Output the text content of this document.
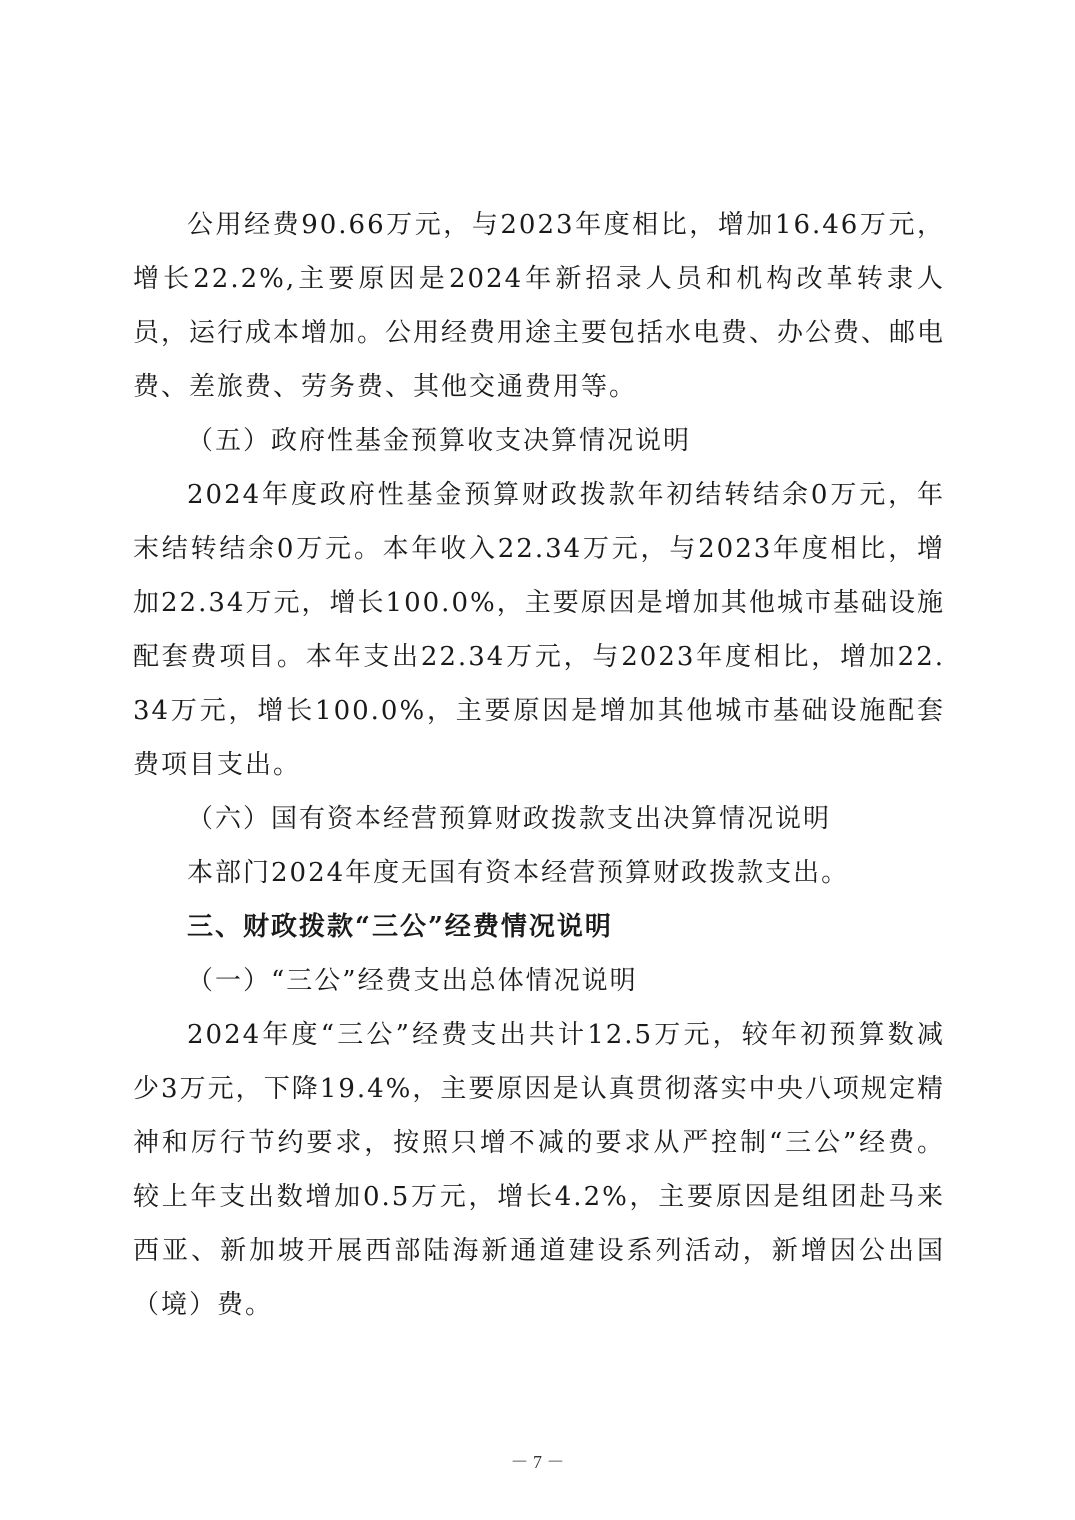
公用经费90.66万元，与2023年度相比，增加16.46万元，增长22.2%,主要原因是2024年新招录人员和机构改革转隶人员，运行成本增加。公用经费用途主要包括水电费、办公费、邮电费、差旅费、劳务费、其他交通费用等。

（五）政府性基金预算收支决算情况说明

2024年度政府性基金预算财政拨款年初结转结余0万元，年末结转结余0万元。本年收入22.34万元，与2023年度相比，增加22.34万元，增长100.0%，主要原因是增加其他城市基础设施配套费项目。本年支出22.34万元，与2023年度相比，增加22.34万元，增长100.0%，主要原因是增加其他城市基础设施配套费项目支出。

（六）国有资本经营预算财政拨款支出决算情况说明

本部门2024年度无国有资本经营预算财政拨款支出。

三、财政拨款“三公”经费情况说明

（一）“三公”经费支出总体情况说明

2024年度“三公”经费支出共计12.5万元，较年初预算数减少3万元，下降19.4%，主要原因是认真贯彻落实中央八项规定精神和厉行节约要求，按照只增不减的要求从严控制“三公”经费。较上年支出数增加0.5万元，增长4.2%，主要原因是组团赴马来西亚、新加坡开展西部陆海新通道建设系列活动，新增因公出国（境）费。

－ 7 －
